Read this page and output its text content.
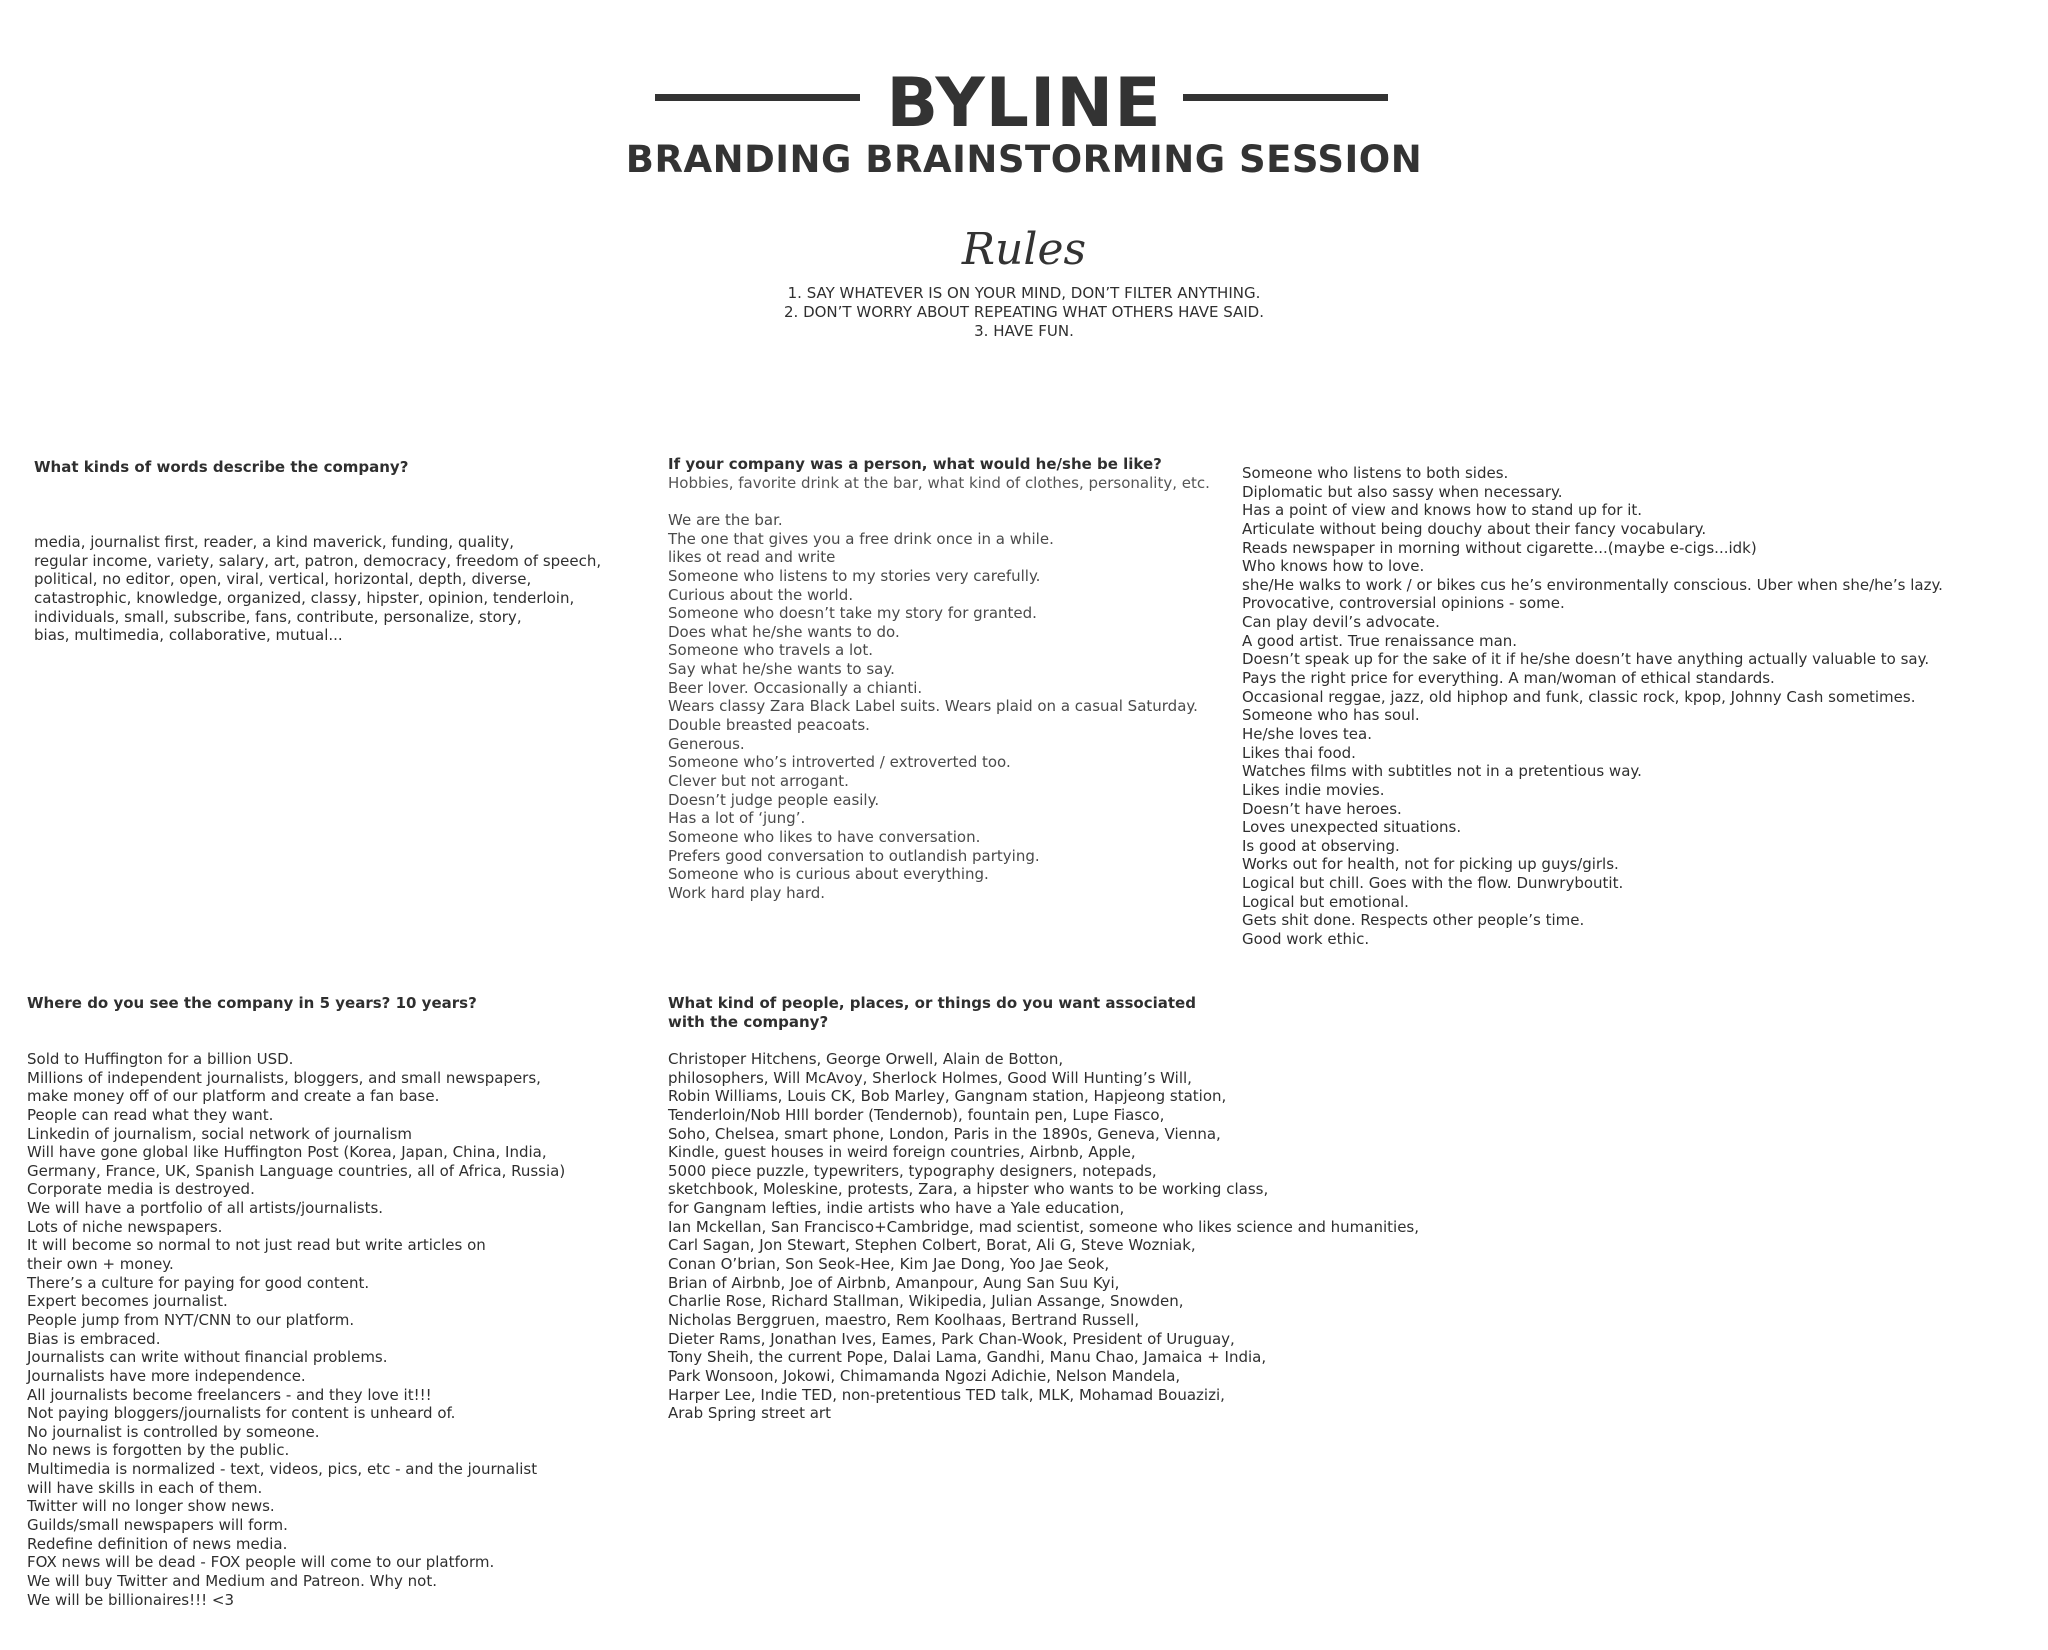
BYLINE
BRANDING BRAINSTORMING SESSION
Rules
1. SAY WHATEVER IS ON YOUR MIND, DON’T FILTER ANYTHING.
2. DON’T WORRY ABOUT REPEATING WHAT OTHERS HAVE SAID.
3. HAVE FUN.
What kinds of words describe the company?
media, journalist first, reader, a kind maverick, funding, quality,
regular income, variety, salary, art, patron, democracy, freedom of speech,
political, no editor, open, viral, vertical, horizontal, depth, diverse,
catastrophic, knowledge, organized, classy, hipster, opinion, tenderloin,
individuals, small, subscribe, fans, contribute, personalize, story,
bias, multimedia, collaborative, mutual...
If your company was a person, what would he/she be like?
Hobbies, favorite drink at the bar, what kind of clothes, personality, etc.
We are the bar.
The one that gives you a free drink once in a while.
likes ot read and write
Someone who listens to my stories very carefully.
Curious about the world.
Someone who doesn’t take my story for granted.
Does what he/she wants to do.
Someone who travels a lot.
Say what he/she wants to say.
Beer lover. Occasionally a chianti.
Wears classy Zara Black Label suits. Wears plaid on a casual Saturday.
Double breasted peacoats.
Generous.
Someone who’s introverted / extroverted too.
Clever but not arrogant.
Doesn’t judge people easily.
Has a lot of ‘jung’.
Someone who likes to have conversation.
Prefers good conversation to outlandish partying.
Someone who is curious about everything.
Work hard play hard.
Someone who listens to both sides.
Diplomatic but also sassy when necessary.
Has a point of view and knows how to stand up for it.
Articulate without being douchy about their fancy vocabulary.
Reads newspaper in morning without cigarette...(maybe e-cigs...idk)
Who knows how to love.
she/He walks to work / or bikes cus he’s environmentally conscious. Uber when she/he’s lazy.
Provocative, controversial opinions - some.
Can play devil’s advocate.
A good artist. True renaissance man.
Doesn’t speak up for the sake of it if he/she doesn’t have anything actually valuable to say.
Pays the right price for everything. A man/woman of ethical standards.
Occasional reggae, jazz, old hiphop and funk, classic rock, kpop, Johnny Cash sometimes.
Someone who has soul.
He/she loves tea.
Likes thai food.
Watches films with subtitles not in a pretentious way.
Likes indie movies.
Doesn’t have heroes.
Loves unexpected situations.
Is good at observing.
Works out for health, not for picking up guys/girls.
Logical but chill. Goes with the flow. Dunwryboutit.
Logical but emotional.
Gets shit done. Respects other people’s time.
Good work ethic.
Where do you see the company in 5 years? 10 years?
Sold to Huffington for a billion USD.
Millions of independent journalists, bloggers, and small newspapers,
make money off of our platform and create a fan base.
People can read what they want.
Linkedin of journalism, social network of journalism
Will have gone global like Huffington Post (Korea, Japan, China, India,
Germany, France, UK, Spanish Language countries, all of Africa, Russia)
Corporate media is destroyed.
We will have a portfolio of all artists/journalists.
Lots of niche newspapers.
It will become so normal to not just read but write articles on
their own + money.
There’s a culture for paying for good content.
Expert becomes journalist.
People jump from NYT/CNN to our platform.
Bias is embraced.
Journalists can write without financial problems.
Journalists have more independence.
All journalists become freelancers - and they love it!!!
Not paying bloggers/journalists for content is unheard of.
No journalist is controlled by someone.
No news is forgotten by the public.
Multimedia is normalized - text, videos, pics, etc - and the journalist
will have skills in each of them.
Twitter will no longer show news.
Guilds/small newspapers will form.
Redefine definition of news media.
FOX news will be dead - FOX people will come to our platform.
We will buy Twitter and Medium and Patreon. Why not.
We will be billionaires!!! <3
What kind of people, places, or things do you want associated
with the company?
Christoper Hitchens, George Orwell, Alain de Botton,
philosophers, Will McAvoy, Sherlock Holmes, Good Will Hunting’s Will,
Robin Williams, Louis CK, Bob Marley, Gangnam station, Hapjeong station,
Tenderloin/Nob HIll border (Tendernob), fountain pen, Lupe Fiasco,
Soho, Chelsea, smart phone, London, Paris in the 1890s, Geneva, Vienna,
Kindle, guest houses in weird foreign countries, Airbnb, Apple,
5000 piece puzzle, typewriters, typography designers, notepads,
sketchbook, Moleskine, protests, Zara, a hipster who wants to be working class,
for Gangnam lefties, indie artists who have a Yale education,
Ian Mckellan, San Francisco+Cambridge, mad scientist, someone who likes science and humanities,
Carl Sagan, Jon Stewart, Stephen Colbert, Borat, Ali G, Steve Wozniak,
Conan O’brian, Son Seok-Hee, Kim Jae Dong, Yoo Jae Seok,
Brian of Airbnb, Joe of Airbnb, Amanpour, Aung San Suu Kyi,
Charlie Rose, Richard Stallman, Wikipedia, Julian Assange, Snowden,
Nicholas Berggruen, maestro, Rem Koolhaas, Bertrand Russell,
Dieter Rams, Jonathan Ives, Eames, Park Chan-Wook, President of Uruguay,
Tony Sheih, the current Pope, Dalai Lama, Gandhi, Manu Chao, Jamaica + India,
Park Wonsoon, Jokowi, Chimamanda Ngozi Adichie, Nelson Mandela,
Harper Lee, Indie TED, non-pretentious TED talk, MLK, Mohamad Bouazizi,
Arab Spring street art
